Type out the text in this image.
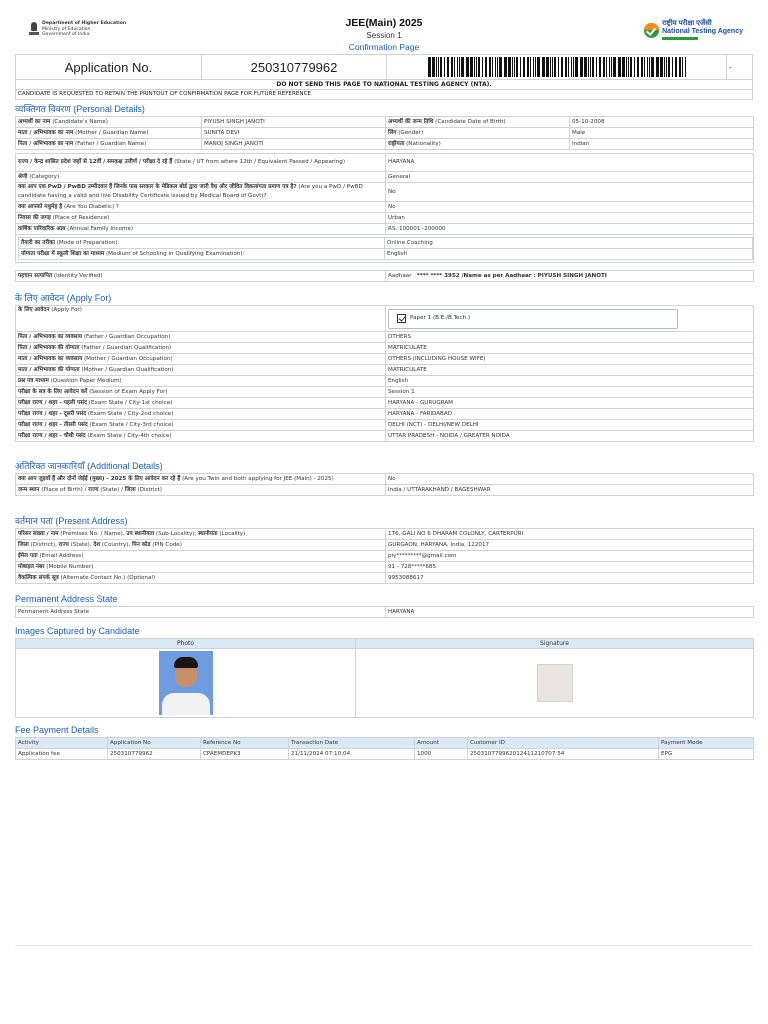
Department of Higher Education
Ministry of Education
Government of India
JEE(Main) 2025
Session 1
Confirmation Page
राष्ट्रीय परीक्षा एजेंसी
National Testing Agency
Application No.	250310779962	-
DO NOT SEND THIS PAGE TO NATIONAL TESTING AGENCY (NTA).
CANDIDATE IS REQUESTED TO RETAIN THE PRINTOUT OF CONFIRMATION PAGE FOR FUTURE REFERENCE.
व्यक्तिगत विवरण (Personal Details)
अभ्यर्थी का नाम (Candidate's Name)	PIYUSH SINGH JANOTI	अभ्यर्थी की जन्म तिथि (Candidate Date of Birth)	05-10-2008
माता / अभिभावक का नाम (Mother / Guardian Name)	SUNITA DEVI	लिंग (Gender)	Male
पिता / अभिभावक का नाम (Father / Guardian Name)	MANOJ SINGH JANOTI	राष्ट्रीयता (Nationality)	Indian
राज्य / केन्द्र शासित प्रदेश जहाँ से 12वीं / समकक्ष उत्तीर्ण / परीक्षा दे रहे हैं (State / UT from where 12th / Equivalent Passed / Appearing)	HARYANA
श्रेणी (Category)	General
क्या आप एक PwD / PwBD उम्मीदवार हैं जिनके पास सरकार के मेडिकल बोर्ड द्वारा जारी वैध और जीवित विकलांगता प्रमाण पत्र है? (Are you a PwD / PwBD candidate having a valid and live Disability Certificate issued by Medical Board of Govt)?	No
क्या आपको मधुमेह है (Are You Diabetic) ?	No
निवास की जगह (Place of Residence)	Urban
वार्षिक पारिवारिक आय (Annual Family Income)	RS. 100001 -200000

तैयारी का तरीका (Mode of Preparation):	Online Coaching
योग्यता परीक्षा में स्कूली शिक्षा का माध्यम (Medium of Schooling in Qualifying Examination):	English

पहचान सत्यापित (Identity Verified)	Aadhaar **** **** 3952 /Name as per Aadhaar : PIYUSH SINGH JANOTI
के लिए आवेदन (Apply For)
के लिए आवेदन (Apply For)	Paper 1 (B.E./B.Tech.)

पिता / अभिभावक का व्यवसाय (Father / Guardian Occupation)	OTHERS
पिता / अभिभावक की योग्यता (Father / Guardian Qualification)	MATRICULATE
माता / अभिभावक का व्यवसाय (Mother / Guardian Occupation)	OTHERS (INCLUDING HOUSE WIFE)
माता / अभिभावक की योग्यता (Mother / Guardian Qualification)	MATRICULATE
प्रश्न पत्र माध्यम (Question Paper Medium)	English
परीक्षा के सत्र के लिए आवेदन करें (Session of Exam Apply For)	Session 1
परीक्षा राज्य / शहर - पहली पसंद (Exam State / City-1st choice)	HARYANA - GURUGRAM
परीक्षा राज्य / शहर - दूसरी पसंद (Exam State / City-2nd choice)	HARYANA - FARIDABAD
परीक्षा राज्य / शहर - तीसरी पसंद (Exam State / City-3rd choice)	DELHI (NCT) - DELHI/NEW DELHI
परीक्षा राज्य / शहर - चौथी पसंद (Exam State / City-4th choice)	UTTAR PRADESH - NOIDA / GREATER NOIDA
अतिरिक्त जानकारियाँ (Additional Details)
क्या आप जुड़वाँ हैं और दोनों जेईई (मुख्य) - 2025 के लिए आवेदन कर रहे हैं (Are you Twin and both applying for JEE (Main) - 2025)	No
जन्म स्थान (Place of Birth) / राज्य (State) / जिला (District)	India / UTTARAKHAND / BAGESHWAR
वर्तमान पता (Present Address)
परिसर संख्या / नाम (Premises No. / Name), उप स्थानीयता (Sub-Locality), स्थानीयता (Locality)	176, GALI NO 6 DHARAM COLONLY, CARTERPURI
जिला (District), राज्य (State), देश (Country), पिन कोड (PIN Code)	GURGAON, HARYANA, India, 122017
ईमेल पता (Email Address)	piy*********@gmail.com
मोबाइल नंबर (Mobile Number)	91 - 728*****685
वैकल्पिक संपर्क सूत्र (Alternate Contact No.) (Optional)	9953088617
Permanent Address State
Permanent Address State	HARYANA
Images Captured by Candidate
Photo	Signature

Fee Payment Details
Activity	Application No	Reference No	Transaction Date	Amount	Customer ID	Payment Mode
Application fee	250310779962	CPAEMDEPK3	21/11/2024 07:10:04	1000	250310779962012411210707 54	EPG
